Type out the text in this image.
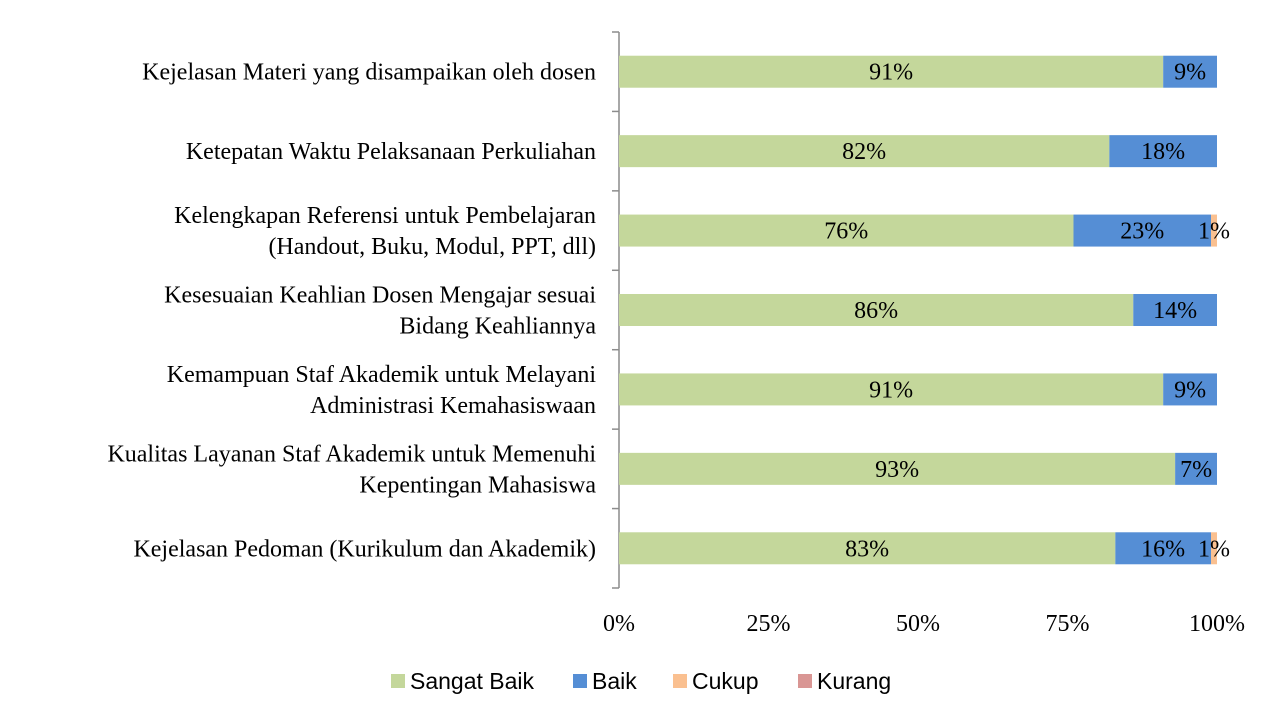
91%	9%
Kejelasan Materi yang disampaikan oleh dosen
82%	18%
Ketepatan Waktu Pelaksanaan Perkuliahan
76%	23% 1%
Kelengkapan Referensi untuk Pembelajaran
(Handout, Buku, Modul, PPT, dll)
86%	14%
Kesesuaian Keahlian Dosen Mengajar sesuai
Bidang Keahliannya
91%	9%
Kemampuan Staf Akademik untuk Melayani
Administrasi Kemahasiswaan
93%	7%
Kualitas Layanan Staf Akademik untuk Memenuhi
Kepentingan Mahasiswa
83%	16% 1%
Kejelasan Pedoman (Kurikulum dan Akademik)
0%	25%	50%	75%	100%
Sangat Baik	Baik Cukup	Kurang
